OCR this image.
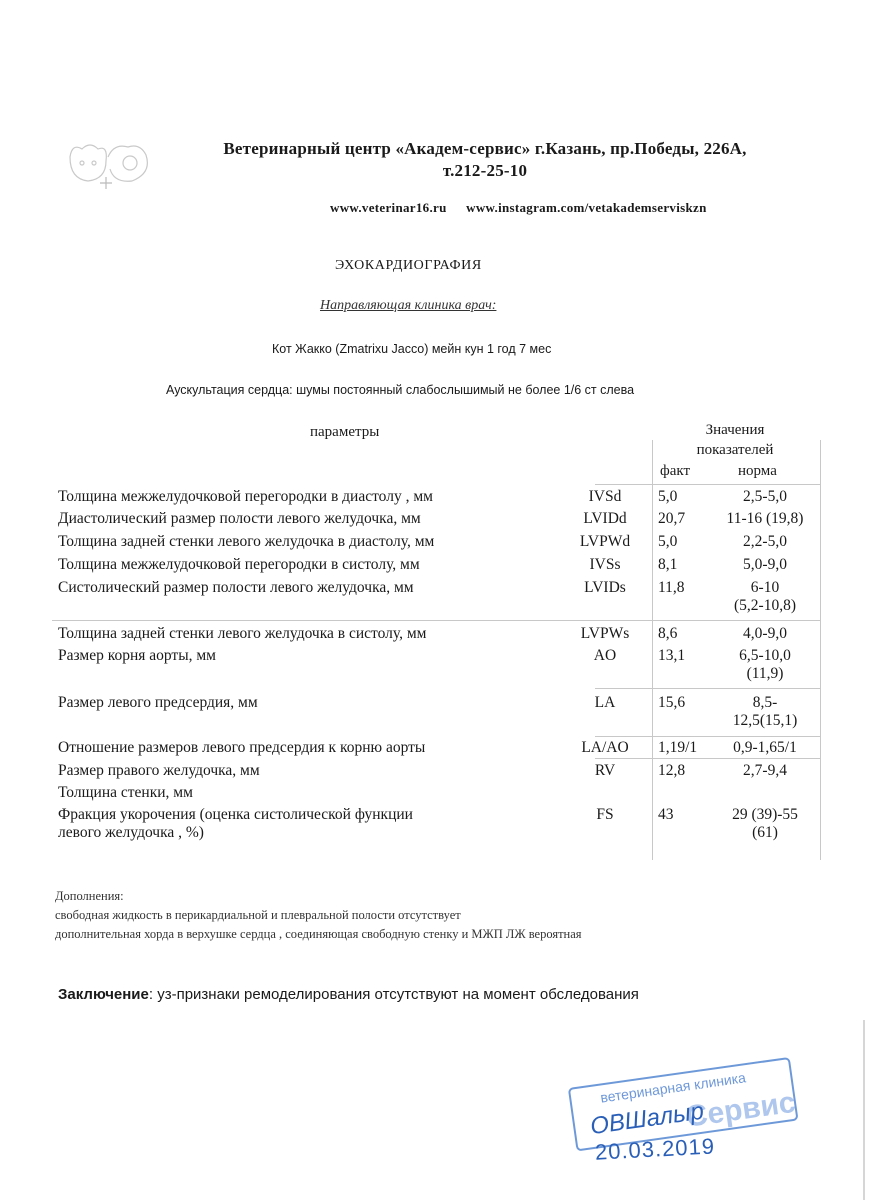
Ветеринарный центр «Академ-сервис» г.Казань, пр.Победы, 226А,
т.212-25-10
www.veterinar16.ru www.instagram.com/vetakademserviskzn
ЭХОКАРДИОГРАФИЯ
Направляющая клиника врач:
Кот Жакко (Zmatrixu Jacco) мейн кун 1 год 7 мес
Аускультация сердца: шумы постоянный слабослышимый не более 1/6 ст слева
параметры	Значения
показателей
факт	норма
Толщина межжелудочковой перегородки в диастолу , мм	IVSd	5,0	2,5-5,0
Диастолический размер полости левого желудочка, мм	LVIDd	20,7	11-16 (19,8)
Толщина задней стенки левого желудочка в диастолу, мм	LVPWd	5,0	2,2-5,0
Толщина межжелудочковой перегородки в систолу, мм	IVSs	8,1	5,0-9,0
Систолический размер полости левого желудочка, мм	LVIDs	11,8	6-10
(5,2-10,8)
Толщина задней стенки левого желудочка в систолу, мм	LVPWs	8,6	4,0-9,0
Размер корня аорты, мм	AO	13,1	6,5-10,0
(11,9)
Размер левого предсердия, мм	LA	15,6	8,5-
12,5(15,1)
Отношение размеров левого предсердия к корню аорты	LA/AO	1,19/1	0,9-1,65/1
Размер правого желудочка, мм	RV	12,8	2,7-9,4
Толщина стенки, мм
Фракция укорочения (оценка систолической функции
левого желудочка , %)
FS	43	29 (39)-55
(61)
Дополнения:
свободная жидкость в перикардиальной и плевральной полости отсутствует
дополнительная хорда в верхушке сердца , соединяющая свободную стенку и МЖП ЛЖ вероятная
Заключение: уз-признаки ремоделирования отсутствуют на момент обследования
ветеринарная клиника
Сервис
ОВШалыр
20.03.2019
